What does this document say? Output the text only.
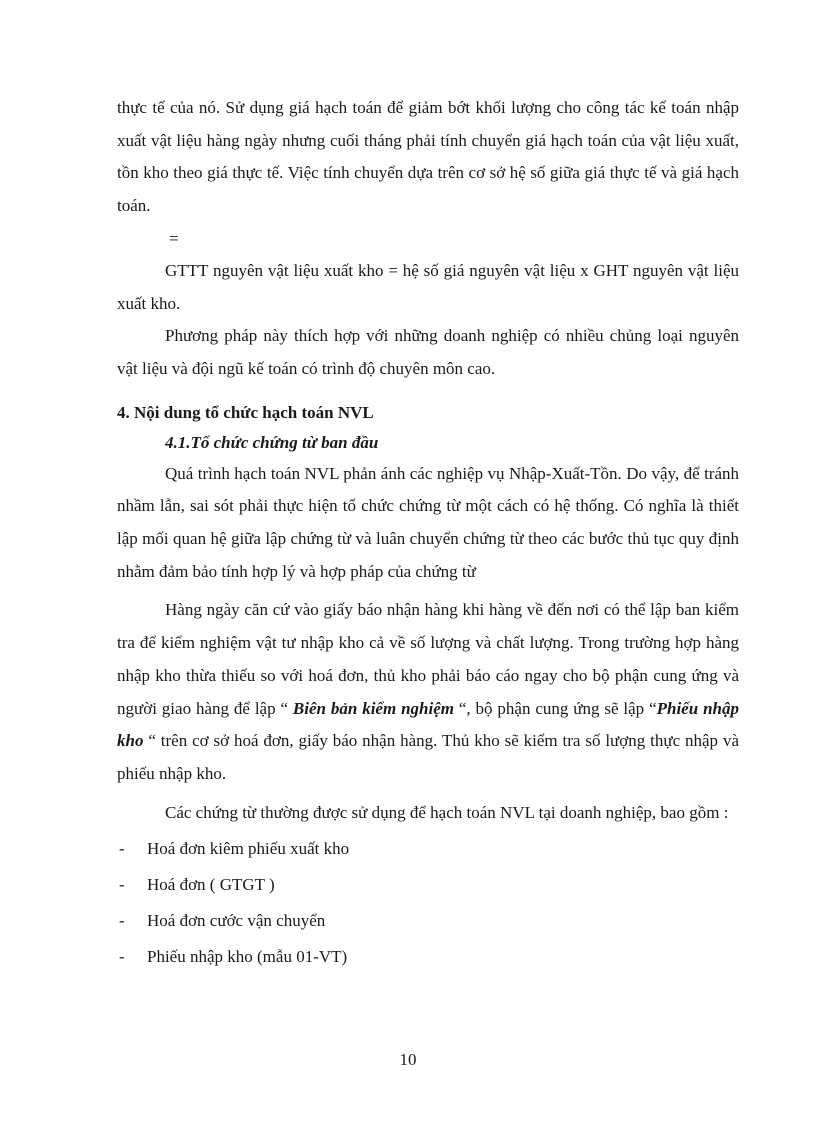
thực tế của nó. Sử dụng giá hạch toán để giảm bớt khối lượng cho công tác kế toán nhập xuất vật liệu hàng ngày nhưng cuối tháng phải tính chuyển giá hạch toán của vật liệu xuất, tồn kho theo giá thực tế. Việc tính chuyển dựa trên cơ sở hệ số giữa giá thực tế và giá hạch toán.

=

GTTT nguyên vật liệu xuất kho = hệ số giá nguyên vật liệu x GHT nguyên vật liệu xuất kho.

Phương pháp này thích hợp với những doanh nghiệp có nhiều chủng loại nguyên vật liệu và đội ngũ kế toán có trình độ chuyên môn cao.

4. Nội dung tổ chức hạch toán NVL
4.1.Tổ chức chứng từ ban đầu

Quá trình hạch toán NVL phản ánh các nghiệp vụ Nhập-Xuất-Tồn. Do vậy, để tránh nhầm lẫn, sai sót phải thực hiện tổ chức chứng từ một cách có hệ thống. Có nghĩa là thiết lập mối quan hệ giữa lập chứng từ và luân chuyển chứng từ theo các bước thủ tục quy định nhằm đảm bảo tính hợp lý và hợp pháp của chứng từ

Hàng ngày căn cứ vào giấy báo nhận hàng khi hàng về đến nơi có thể lập ban kiểm tra để kiểm nghiệm vật tư nhập kho cả về số lượng và chất lượng. Trong trường hợp hàng nhập kho thừa thiếu so với hoá đơn, thủ kho phải báo cáo ngay cho bộ phận cung ứng và người giao hàng để lập “ Biên bản kiểm nghiệm “, bộ phận cung ứng sẽ lập “Phiếu nhập kho “ trên cơ sở hoá đơn, giấy báo nhận hàng. Thủ kho sẽ kiểm tra số lượng thực nhập và phiếu nhập kho.

Các chứng từ thường được sử dụng để hạch toán NVL tại doanh nghiệp, bao gồm :

-	Hoá đơn kiêm phiếu xuất kho
-	Hoá đơn ( GTGT )
-	Hoá đơn cước vận chuyển
-	Phiếu nhập kho (mẫu 01-VT)
10
